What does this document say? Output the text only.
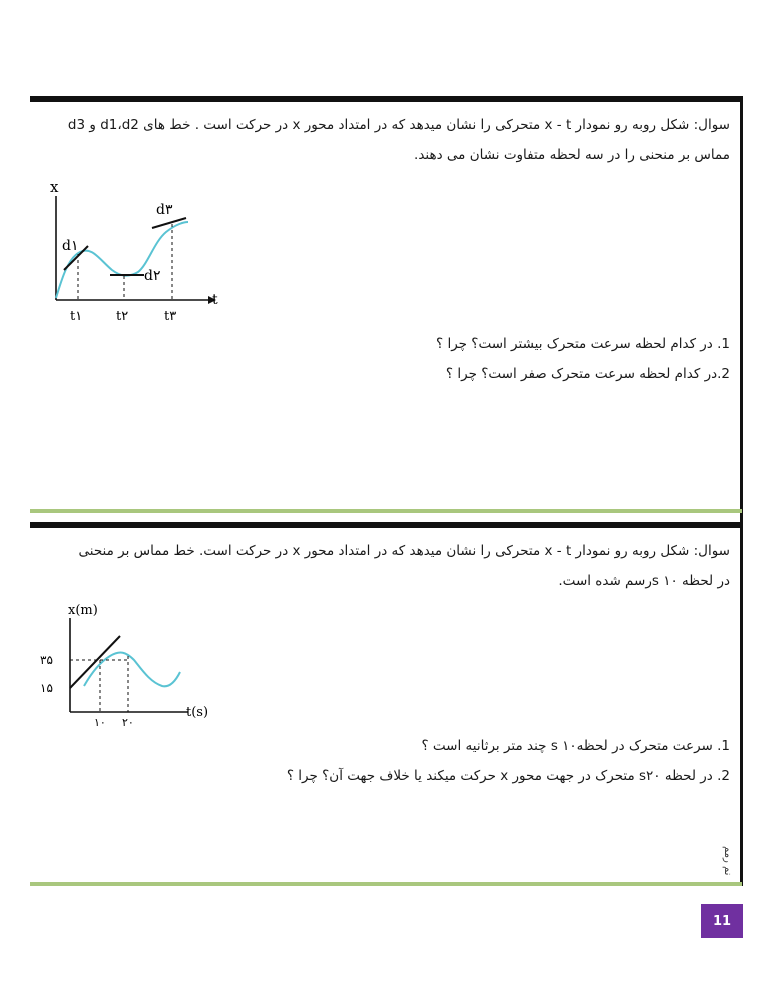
سوال: شکل روبه رو نمودار x - t متحرکی را نشان میدهد که در امتداد محور x در حرکت است . خط های d1،d2 و d3
مماس بر منحنی را در سه لحظه متفاوت نشان می دهند.
x
t
d۱
d۲
d۳
t۱	t۲	t۳
1. در کدام لحظه سرعت متحرک بیشتر است؟ چرا ؟
2.در کدام لحظه سرعت متحرک صفر است؟ چرا ؟
سوال: شکل روبه رو نمودار x - t متحرکی را نشان میدهد که در امتداد محور x در حرکت است. خط مماس بر منحنی
در لحظه ۱۰ sرسم شده است.
x(m)
t(s)
۳۵
۱۵
۱۰ ۲۰
1. سرعت متحرک در لحظهs ۱۰ چند متر برثانیه است ؟
2. در لحظه s۲۰ متحرک در جهت محور x حرکت میکند یا خلاف جهت آن؟ چرا ؟
نم رمم
11
